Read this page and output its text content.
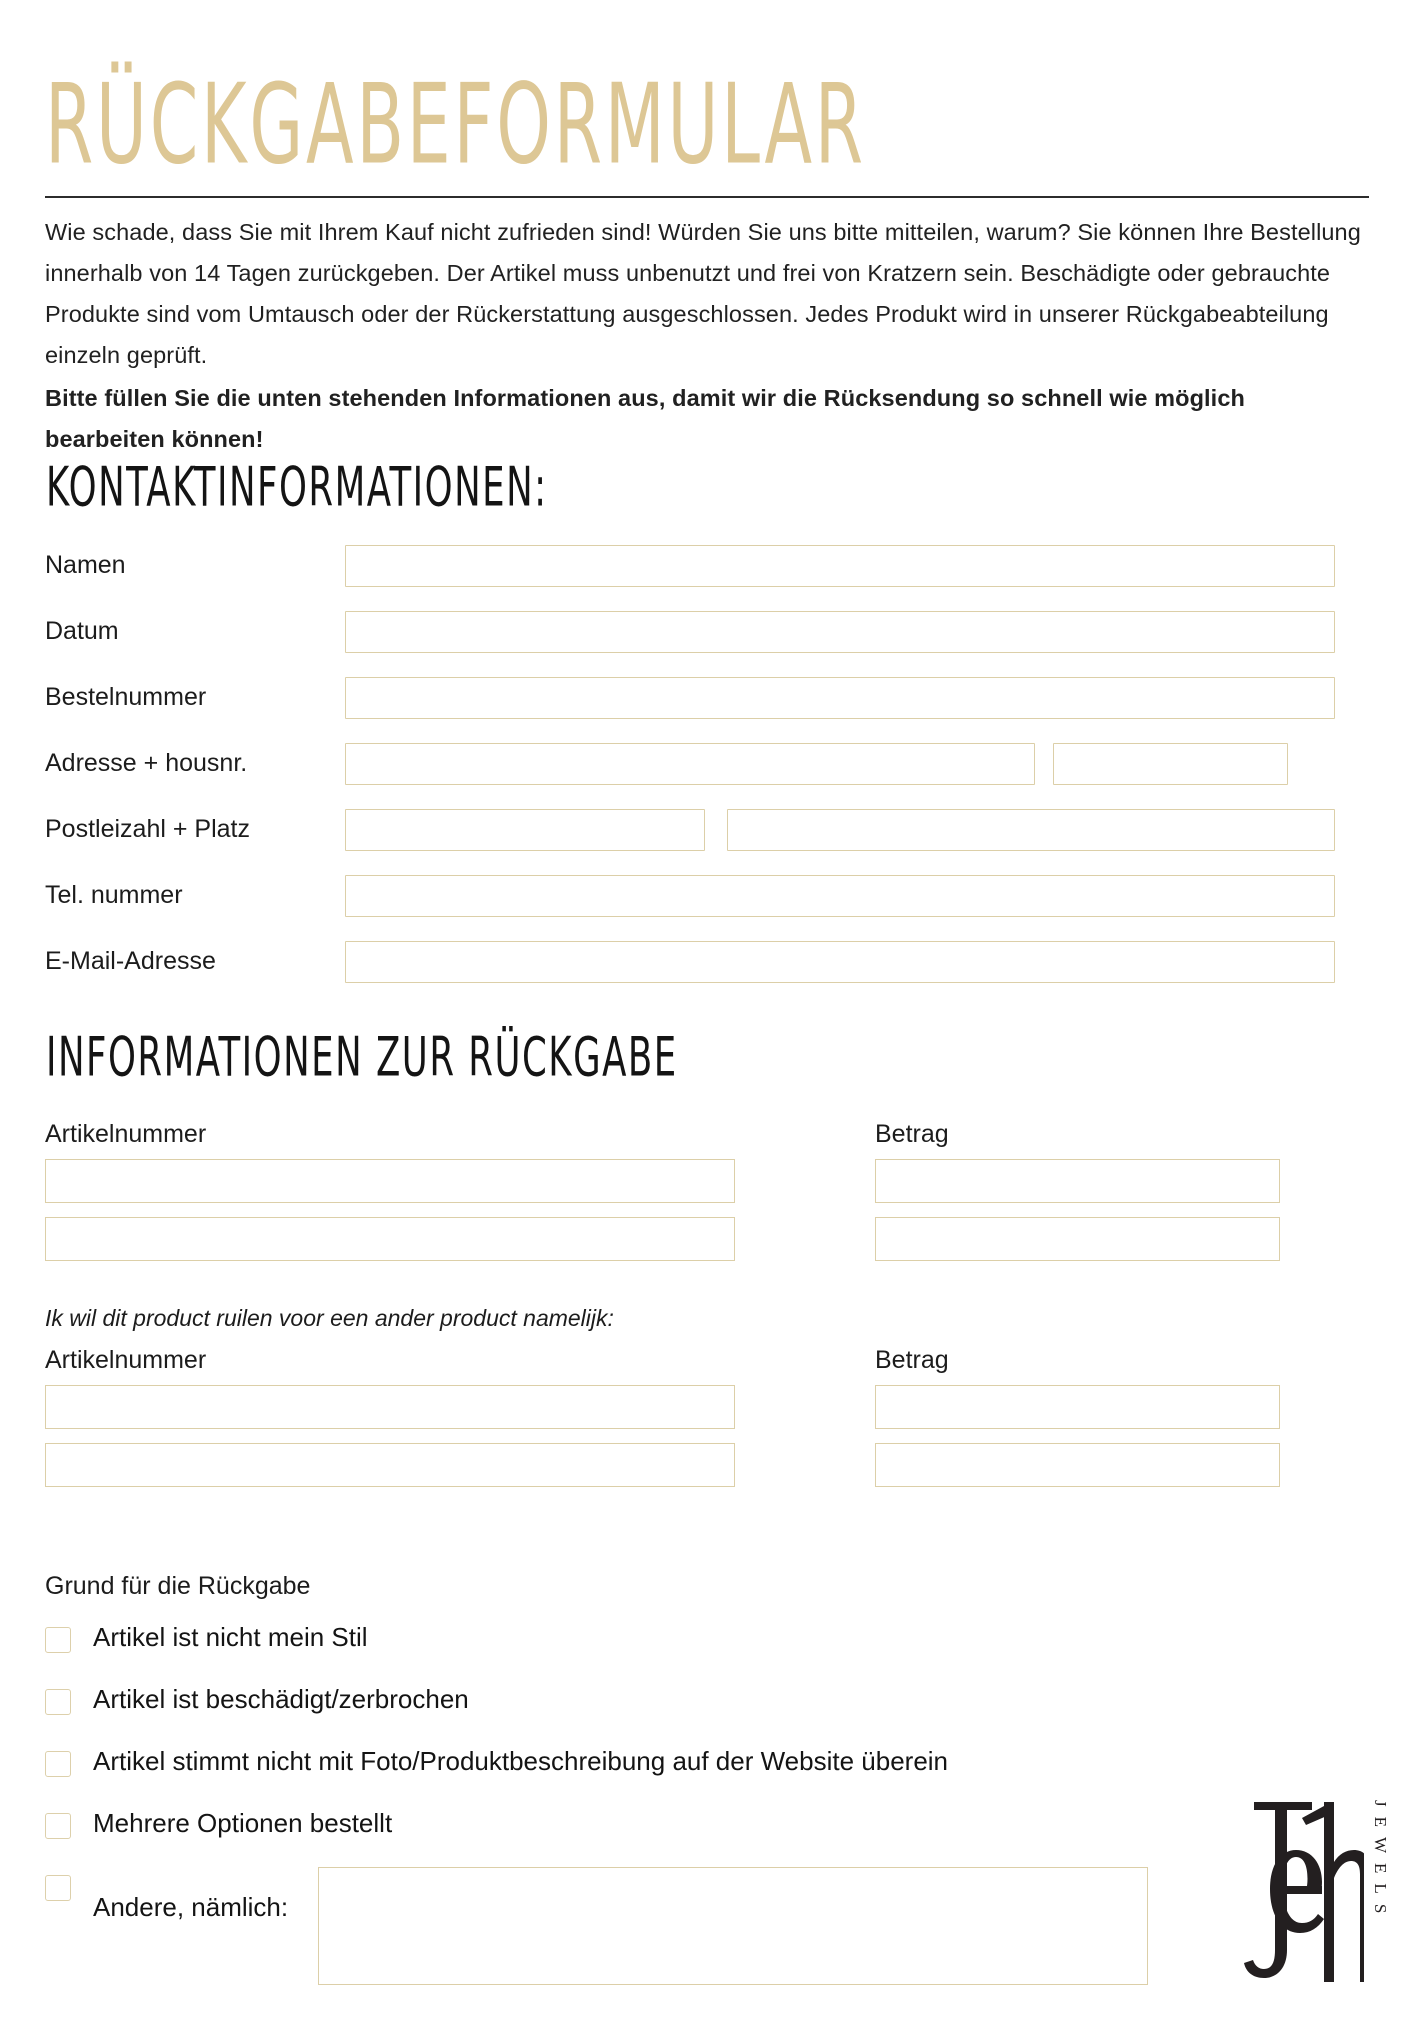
RÜCKGABEFORMULAR

Wie schade, dass Sie mit Ihrem Kauf nicht zufrieden sind! Würden Sie uns bitte mitteilen, warum? Sie können Ihre Bestellung innerhalb von 14 Tagen zurückgeben. Der Artikel muss unbenutzt und frei von Kratzern sein. Beschädigte oder gebrauchte Produkte sind vom Umtausch oder der Rückerstattung ausgeschlossen. Jedes Produkt wird in unserer Rückgabeabteilung einzeln geprüft.

Bitte füllen Sie die unten stehenden Informationen aus, damit wir die Rücksendung so schnell wie möglich bearbeiten können!
KONTAKTINFORMATIONEN:
Namen
Datum
Bestelnummer
Adresse + housnr.
Postleizahl + Platz
Tel. nummer
E-Mail-Adresse
INFORMATIONEN ZUR RÜCKGABE
Artikelnummer	Betrag

Ik wil dit product ruilen voor een ander product namelijk:

Artikelnummer	Betrag
Grund für die Rückgabe
Artikel ist nicht mein Stil
Artikel ist beschädigt/zerbrochen
Artikel stimmt nicht mit Foto/Produktbeschreibung auf der Website überein
Mehrere Optionen bestellt
Andere, nämlich:	JEWELS
